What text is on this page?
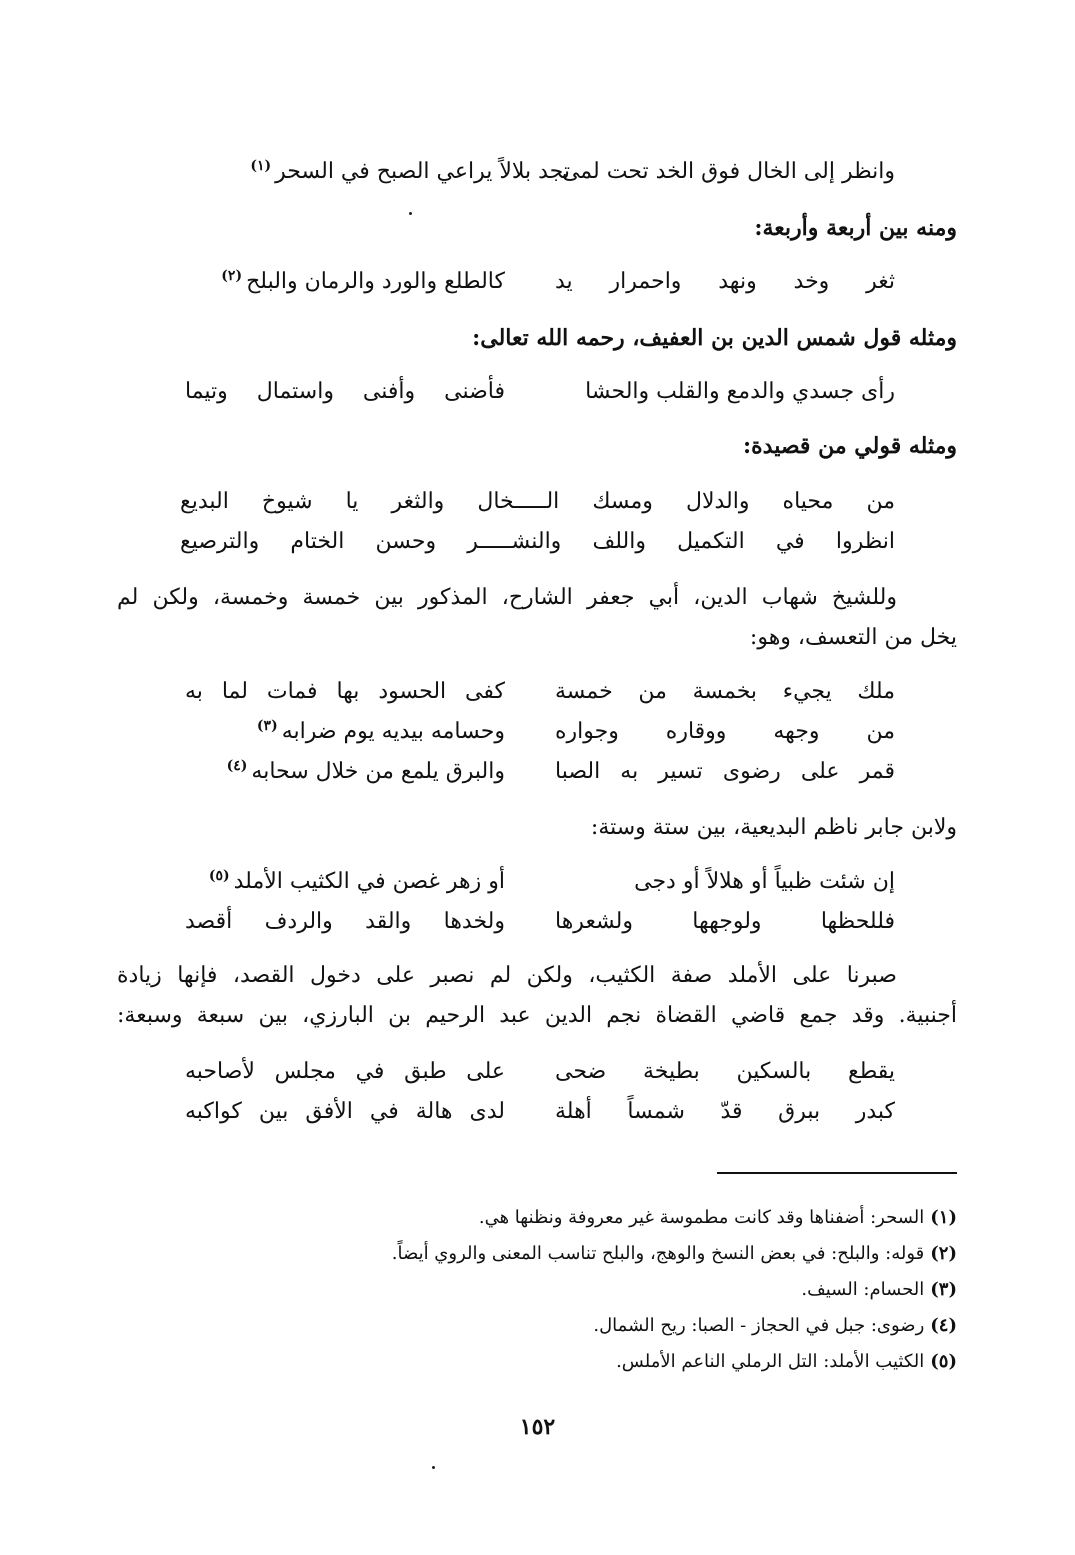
وانظر إلى الخال فوق الخد تحت لمى
تجد بلالاً يراعي الصبح في السحر$^{(١)}$
ومنه بين أربعة وأربعة:
ثغر وخد ونهد واحمرار يد
كالطلع والورد والرمان والبلح$^{(٢)}$
ومثله قول شمس الدين بن العفيف، رحمه الله تعالى:
رأى جسدي والدمع والقلب والحشا
فأضنى وأفنى واستمال وتيما
ومثله قولي من قصيدة:
من محياه والدلال ومسك الـــــخال والثغر يا شيوخ البديع
انظروا في التكميل واللف والنشـــــر وحسن الختام والترصيع
وللشيخ شهاب الدين، أبي جعفر الشارح، المذكور بين خمسة وخمسة، ولكن لم
يخل من التعسف، وهو:
ملك يجيء بخمسة من خمسة
كفى الحسود بها فمات لما به
من وجهه ووقاره وجواره
وحسامه بيديه يوم ضرابه$^{(٣)}$
قمر على رضوى تسير به الصبا
والبرق يلمع من خلال سحابه$^{(٤)}$
ولابن جابر ناظم البديعية، بين ستة وستة:
إن شئت ظبياً أو هلالاً أو دجى
أو زهر غصن في الكثيب الأملد$^{(٥)}$
فللحظها ولوجهها ولشعرها
ولخدها والقد والردف أقصد
صبرنا على الأملد صفة الكثيب، ولكن لم نصبر على دخول القصد، فإنها زيادة
أجنبية. وقد جمع قاضي القضاة نجم الدين عبد الرحيم بن البارزي، بين سبعة وسبعة:
يقطع بالسكين بطيخة ضحى
على طبق في مجلس لأصاحبه
كبدر ببرق قدّ شمساً أهلة
لدى هالة في الأفق بين كواكبه
(١)السحر: أضفناها وقد كانت مطموسة غير معروفة ونظنها هي.
(٢)قوله: والبلح: في بعض النسخ والوهج، والبلح تناسب المعنى والروي أيضاً.
(٣)الحسام: السيف.
(٤)رضوى: جبل في الحجاز - الصبا: ريح الشمال.
(٥)الكثيب الأملد: التل الرملي الناعم الأملس.
١٥٢
